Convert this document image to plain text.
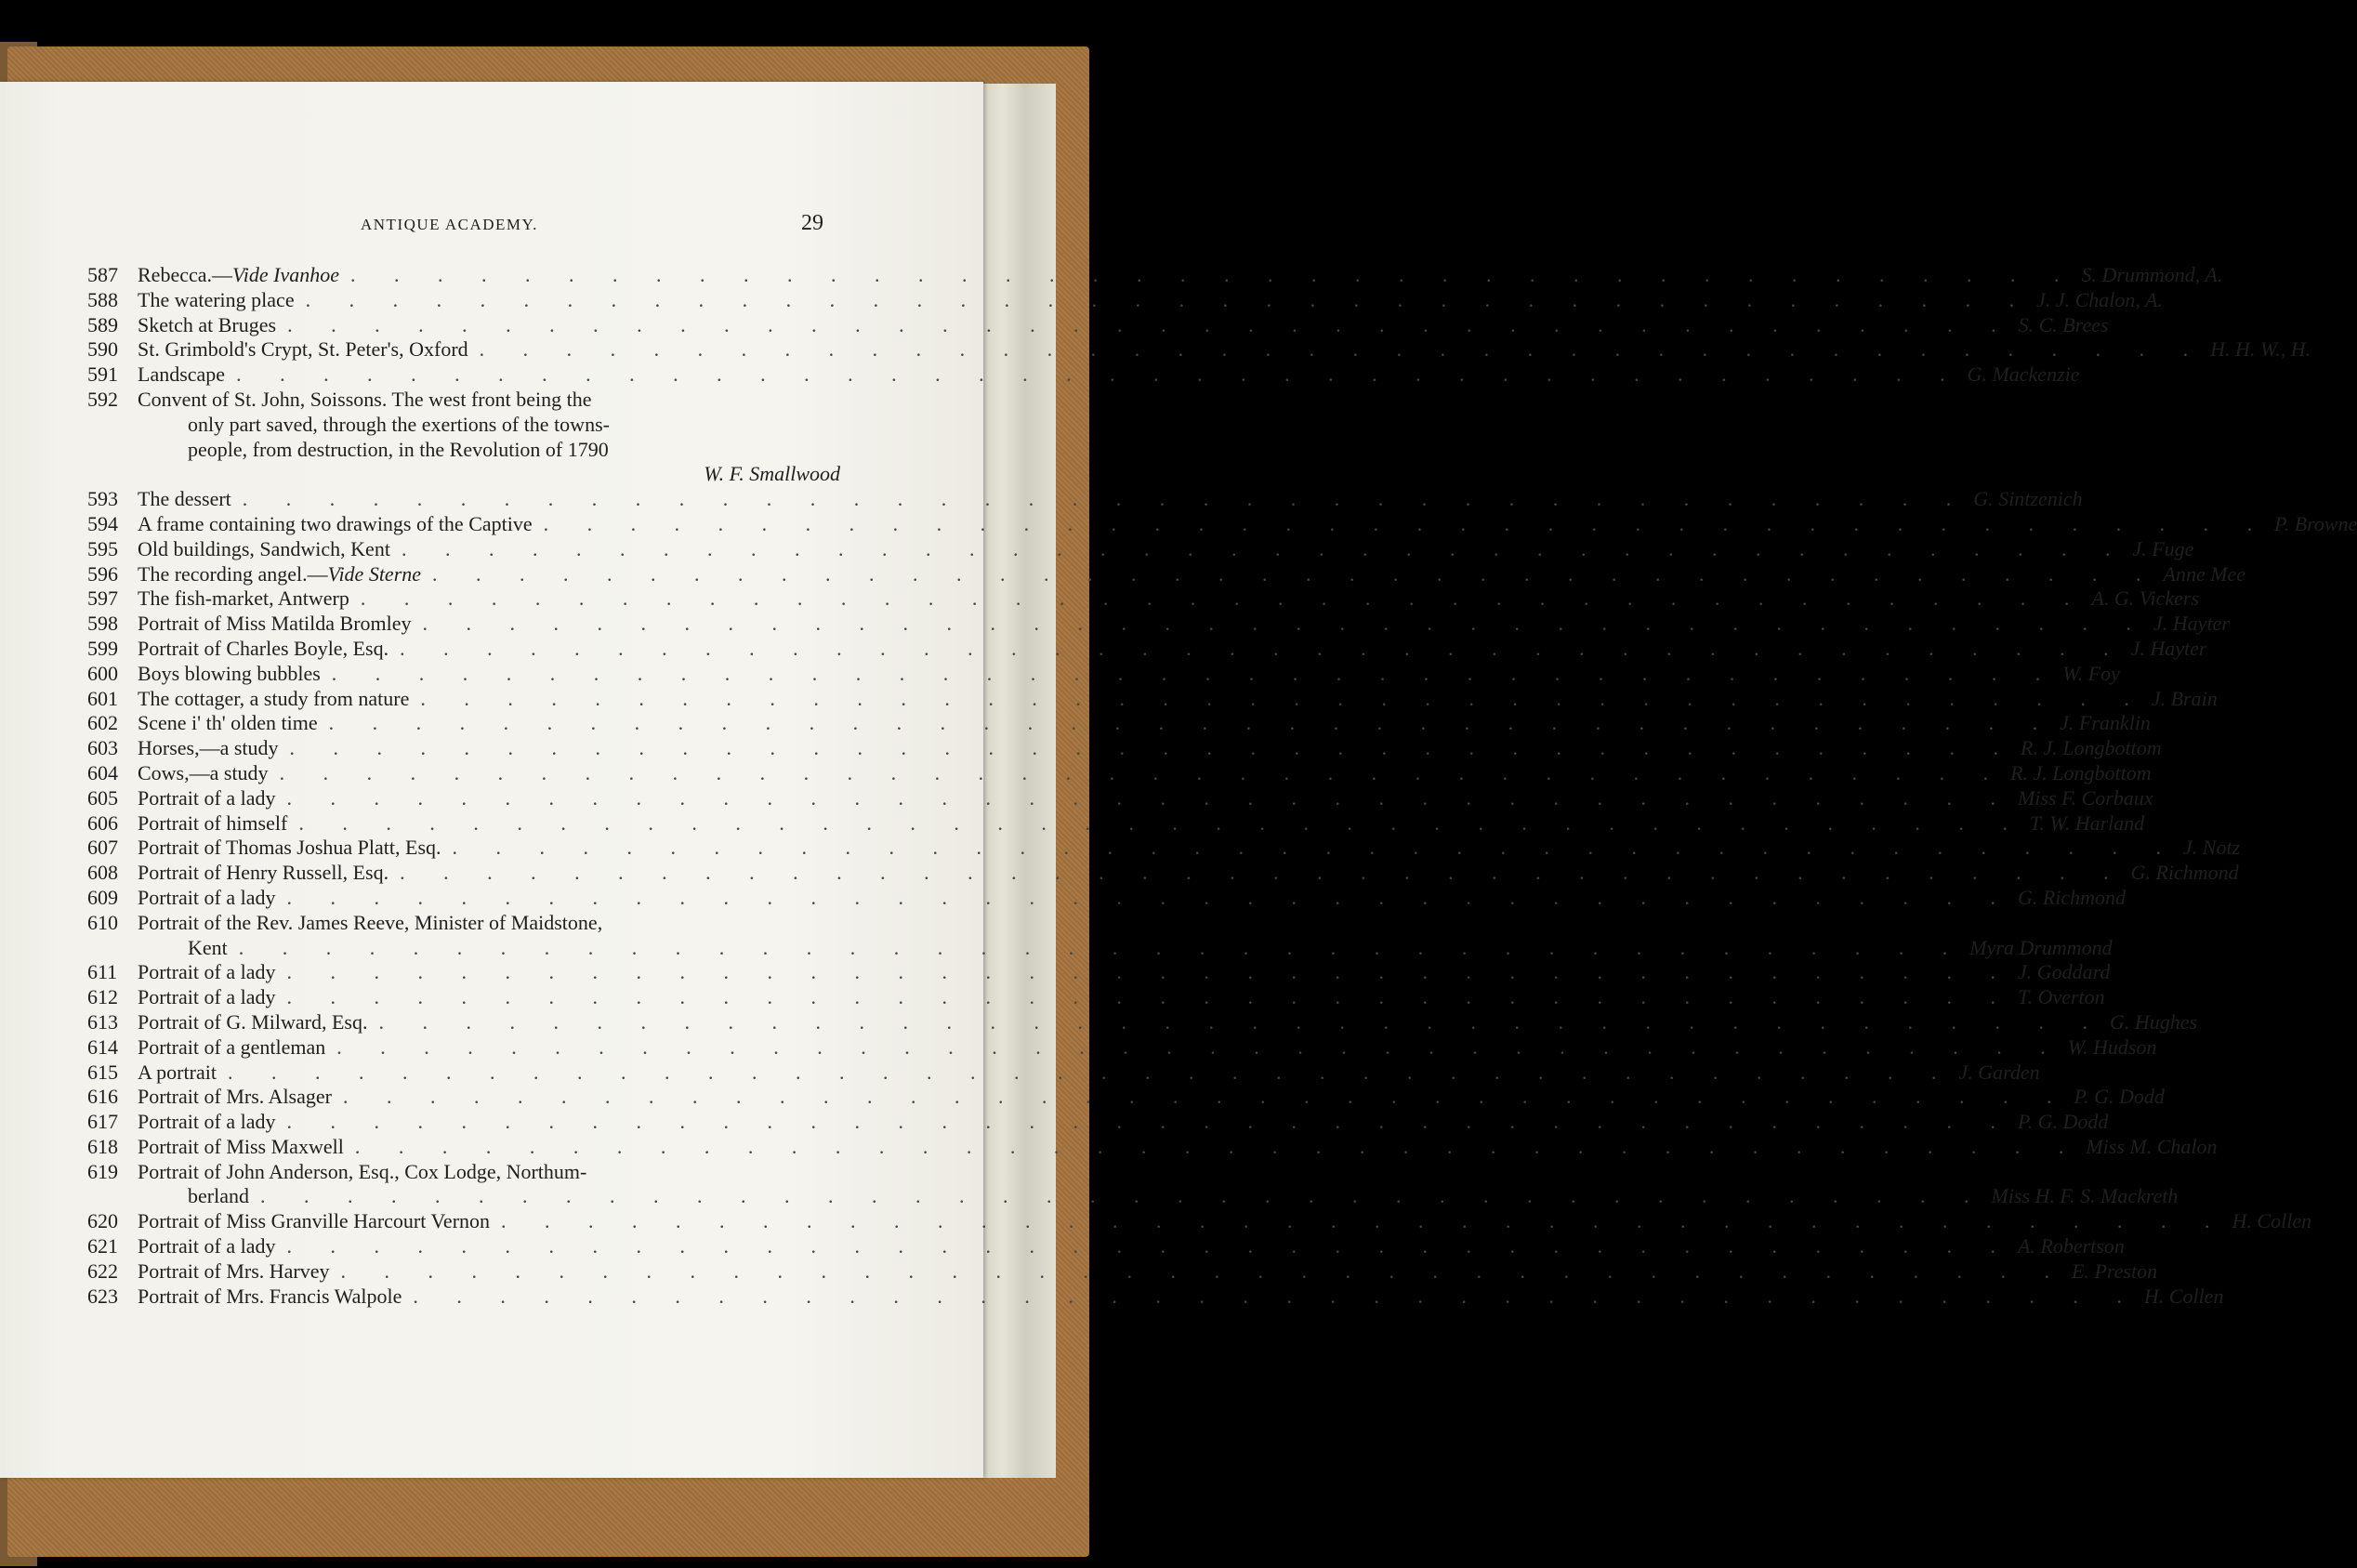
ANTIQUE ACADEMY.	29
587 Rebecca.—Vide Ivanhoe . . .	S. Drummond, A.
588 The watering place . . .	J. J. Chalon, A.
589 Sketch at Bruges . . .	S. C. Brees
590 St. Grimbold's Crypt, St. Peter's, Oxford . . .	H. H. W., H.
591 Landscape . . .	G. Mackenzie
592 Convent of St. John, Soissons. The west front being the
only part saved, through the exertions of the towns-
people, from destruction, in the Revolution of 1790
W. F. Smallwood
593 The dessert . . .	G. Sintzenich
594 A frame containing two drawings of the Captive . . .	P. Browne
595 Old buildings, Sandwich, Kent . . .	J. Fuge
596 The recording angel.—Vide Sterne . . .	Anne Mee
597 The fish-market, Antwerp . . .	A. G. Vickers
598 Portrait of Miss Matilda Bromley . . .	J. Hayter
599 Portrait of Charles Boyle, Esq. . . .	J. Hayter
600 Boys blowing bubbles . . .	W. Foy
601 The cottager, a study from nature . . .	J. Brain
602 Scene i' th' olden time . . .	J. Franklin
603 Horses,—a study . . .	R. J. Longbottom
604 Cows,—a study . . .	R. J. Longbottom
605 Portrait of a lady . . .	Miss F. Corbaux
606 Portrait of himself . . .	T. W. Harland
607 Portrait of Thomas Joshua Platt, Esq. . . .	J. Notz
608 Portrait of Henry Russell, Esq. . . .	G. Richmond
609 Portrait of a lady . . .	G. Richmond
610 Portrait of the Rev. James Reeve, Minister of Maidstone,
Kent . . .	Myra Drummond
611 Portrait of a lady . . .	J. Goddard
612 Portrait of a lady . . .	T. Overton
613 Portrait of G. Milward, Esq. . . .	G. Hughes
614 Portrait of a gentleman . . .	W. Hudson
615 A portrait . . .	J. Garden
616 Portrait of Mrs. Alsager . . .	P. G. Dodd
617 Portrait of a lady . . .	P. G. Dodd
618 Portrait of Miss Maxwell . . .	Miss M. Chalon
619 Portrait of John Anderson, Esq., Cox Lodge, Northum-
berland . . .	Miss H. F. S. Mackreth
620 Portrait of Miss Granville Harcourt Vernon . . .	H. Collen
621 Portrait of a lady . . .	A. Robertson
622 Portrait of Mrs. Harvey . . .	E. Preston
623 Portrait of Mrs. Francis Walpole . . .	H. Collen
